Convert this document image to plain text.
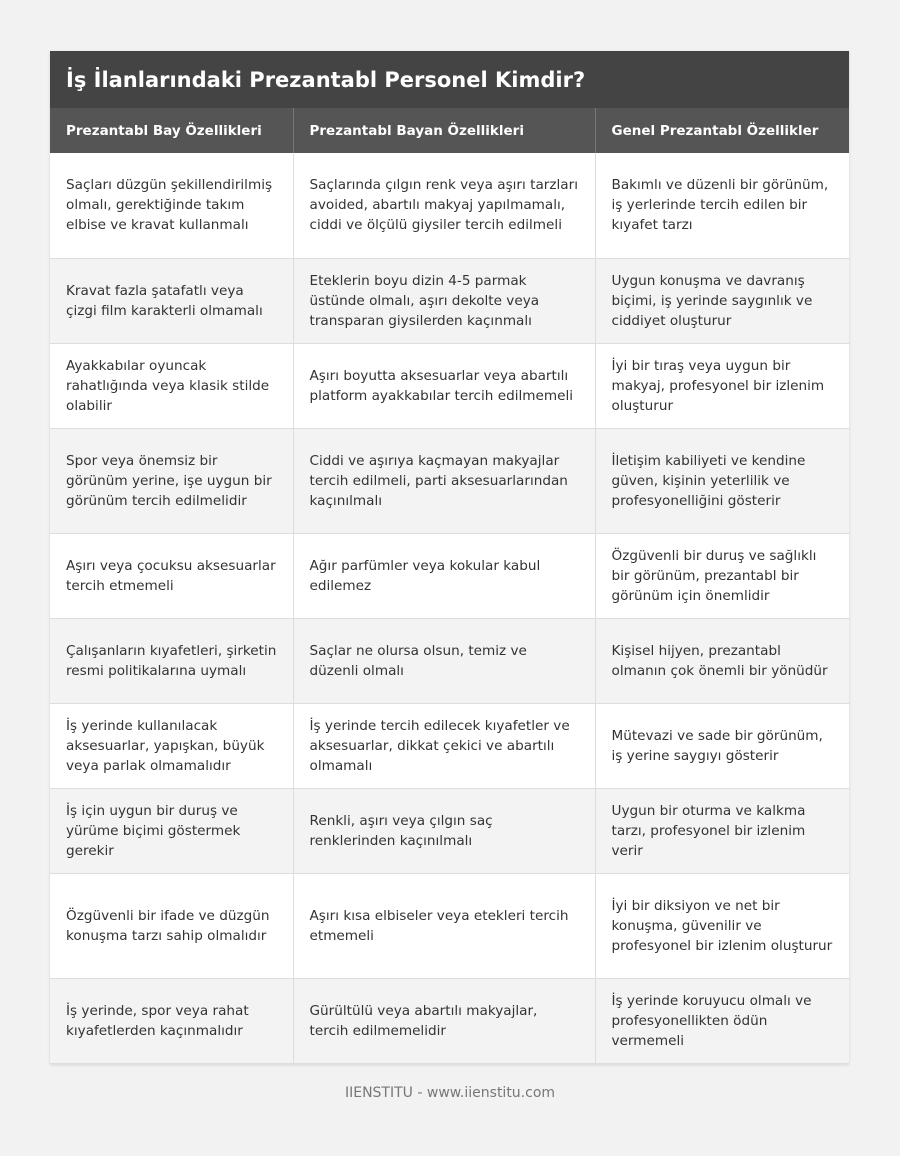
İş İlanlarındaki Prezantabl Personel Kimdir?
Prezantabl Bay Özellikleri	Prezantabl Bayan Özellikleri	Genel Prezantabl Özellikler
Saçları düzgün şekillendirilmiş olmalı, gerektiğinde takım elbise ve kravat kullanmalı	Saçlarında çılgın renk veya aşırı tarzları avoided, abartılı makyaj yapılmamalı, ciddi ve ölçülü giysiler tercih edilmeli	Bakımlı ve düzenli bir görünüm, iş yerlerinde tercih edilen bir kıyafet tarzı
Kravat fazla şatafatlı veya çizgi film karakterli olmamalı	Eteklerin boyu dizin 4-5 parmak üstünde olmalı, aşırı dekolte veya transparan giysilerden kaçınmalı	Uygun konuşma ve davranış biçimi, iş yerinde saygınlık ve ciddiyet oluşturur
Ayakkabılar oyuncak rahatlığında veya klasik stilde olabilir	Aşırı boyutta aksesuarlar veya abartılı platform ayakkabılar tercih edilmemeli	İyi bir tıraş veya uygun bir makyaj, profesyonel bir izlenim oluşturur
Spor veya önemsiz bir görünüm yerine, işe uygun bir görünüm tercih edilmelidir	Ciddi ve aşırıya kaçmayan makyajlar tercih edilmeli, parti aksesuarlarından kaçınılmalı	İletişim kabiliyeti ve kendine güven, kişinin yeterlilik ve profesyonelliğini gösterir
Aşırı veya çocuksu aksesuarlar tercih etmemeli	Ağır parfümler veya kokular kabul edilemez	Özgüvenli bir duruş ve sağlıklı bir görünüm, prezantabl bir görünüm için önemlidir
Çalışanların kıyafetleri, şirketin resmi politikalarına uymalı	Saçlar ne olursa olsun, temiz ve düzenli olmalı	Kişisel hijyen, prezantabl olmanın çok önemli bir yönüdür
İş yerinde kullanılacak aksesuarlar, yapışkan, büyük veya parlak olmamalıdır	İş yerinde tercih edilecek kıyafetler ve aksesuarlar, dikkat çekici ve abartılı olmamalı	Mütevazi ve sade bir görünüm, iş yerine saygıyı gösterir
İş için uygun bir duruş ve yürüme biçimi göstermek gerekir	Renkli, aşırı veya çılgın saç renklerinden kaçınılmalı	Uygun bir oturma ve kalkma tarzı, profesyonel bir izlenim verir
Özgüvenli bir ifade ve düzgün konuşma tarzı sahip olmalıdır	Aşırı kısa elbiseler veya etekleri tercih etmemeli	İyi bir diksiyon ve net bir konuşma, güvenilir ve profesyonel bir izlenim oluşturur
İş yerinde, spor veya rahat kıyafetlerden kaçınmalıdır	Gürültülü veya abartılı makyajlar, tercih edilmemelidir	İş yerinde koruyucu olmalı ve profesyonellikten ödün vermemeli
IIENSTITU - www.iienstitu.com
